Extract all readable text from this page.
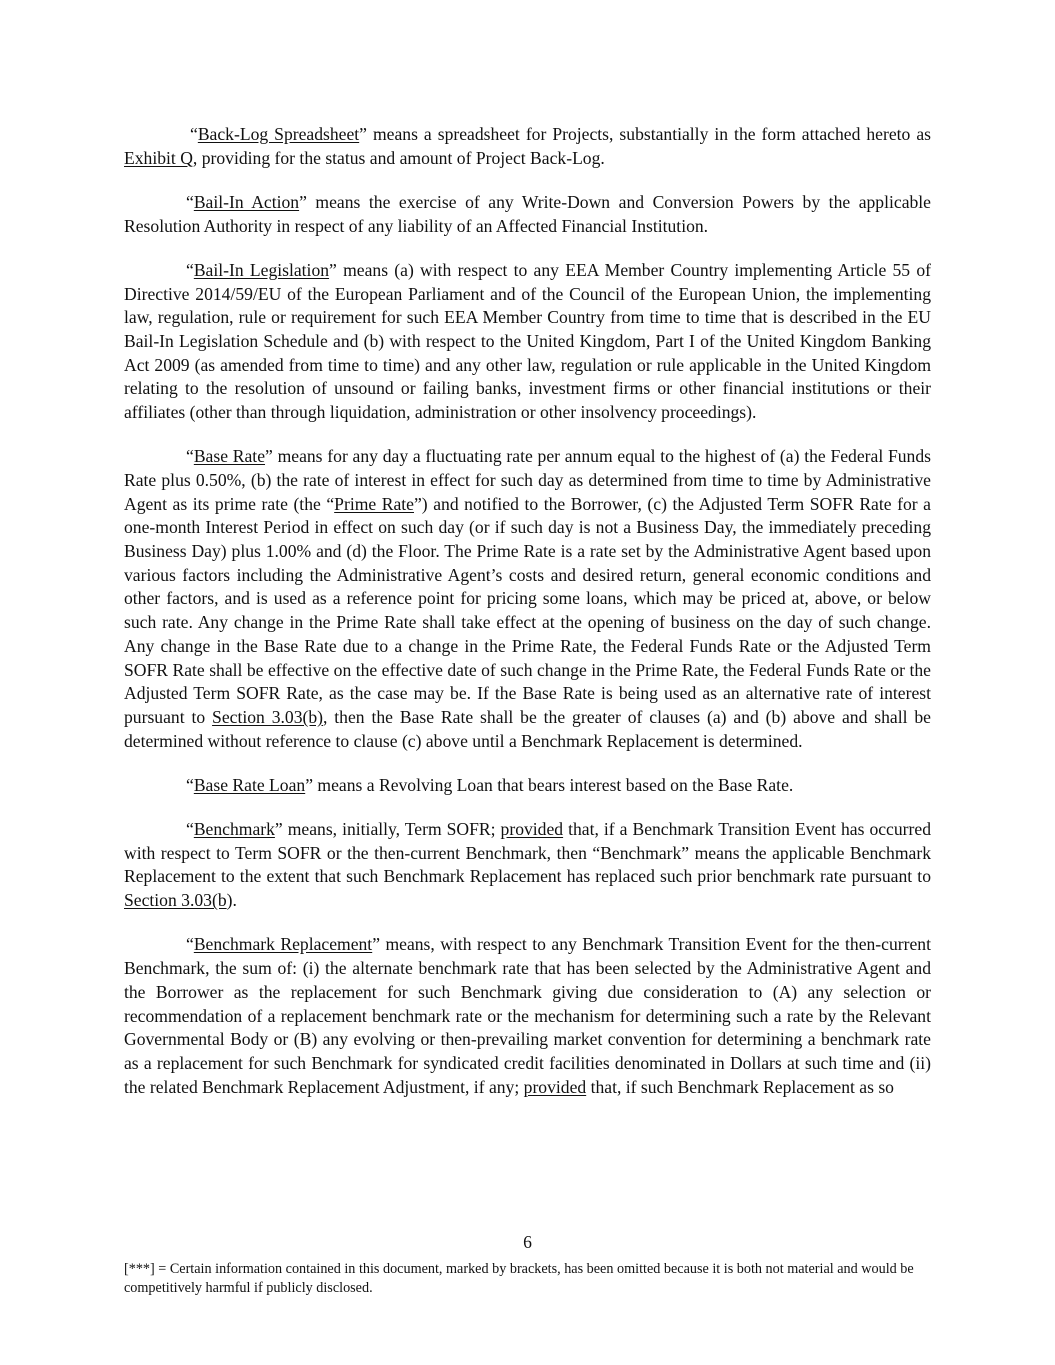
“Back-Log Spreadsheet” means a spreadsheet for Projects, substantially in the form attached hereto as Exhibit Q, providing for the status and amount of Project Back-Log.

“Bail-In Action” means the exercise of any Write-Down and Conversion Powers by the applicable Resolution Authority in respect of any liability of an Affected Financial Institution.

“Bail-In Legislation” means (a) with respect to any EEA Member Country implementing Article 55 of Directive 2014/59/EU of the European Parliament and of the Council of the European Union, the implementing law, regulation, rule or requirement for such EEA Member Country from time to time that is described in the EU Bail-In Legislation Schedule and (b) with respect to the United Kingdom, Part I of the United Kingdom Banking Act 2009 (as amended from time to time) and any other law, regulation or rule applicable in the United Kingdom relating to the resolution of unsound or failing banks, investment firms or other financial institutions or their affiliates (other than through liquidation, administration or other insolvency proceedings).

“Base Rate” means for any day a fluctuating rate per annum equal to the highest of (a) the Federal Funds Rate plus 0.50%, (b) the rate of interest in effect for such day as determined from time to time by Administrative Agent as its prime rate (the “Prime Rate”) and notified to the Borrower, (c) the Adjusted Term SOFR Rate for a one-month Interest Period in effect on such day (or if such day is not a Business Day, the immediately preceding Business Day) plus 1.00% and (d) the Floor. The Prime Rate is a rate set by the Administrative Agent based upon various factors including the Administrative Agent’s costs and desired return, general economic conditions and other factors, and is used as a reference point for pricing some loans, which may be priced at, above, or below such rate. Any change in the Prime Rate shall take effect at the opening of business on the day of such change. Any change in the Base Rate due to a change in the Prime Rate, the Federal Funds Rate or the Adjusted Term SOFR Rate shall be effective on the effective date of such change in the Prime Rate, the Federal Funds Rate or the Adjusted Term SOFR Rate, as the case may be. If the Base Rate is being used as an alternative rate of interest pursuant to Section 3.03(b), then the Base Rate shall be the greater of clauses (a) and (b) above and shall be determined without reference to clause (c) above until a Benchmark Replacement is determined.

“Base Rate Loan” means a Revolving Loan that bears interest based on the Base Rate.

“Benchmark” means, initially, Term SOFR; provided that, if a Benchmark Transition Event has occurred with respect to Term SOFR or the then-current Benchmark, then “Benchmark” means the applicable Benchmark Replacement to the extent that such Benchmark Replacement has replaced such prior benchmark rate pursuant to Section 3.03(b).

“Benchmark Replacement” means, with respect to any Benchmark Transition Event for the then-current Benchmark, the sum of: (i) the alternate benchmark rate that has been selected by the Administrative Agent and the Borrower as the replacement for such Benchmark giving due consideration to (A) any selection or recommendation of a replacement benchmark rate or the mechanism for determining such a rate by the Relevant Governmental Body or (B) any evolving or then-prevailing market convention for determining a benchmark rate as a replacement for such Benchmark for syndicated credit facilities denominated in Dollars at such time and (ii) the related Benchmark Replacement Adjustment, if any; provided that, if such Benchmark Replacement as so

6
[***] = Certain information contained in this document, marked by brackets, has been omitted because it is both not material and would be competitively harmful if publicly disclosed.
